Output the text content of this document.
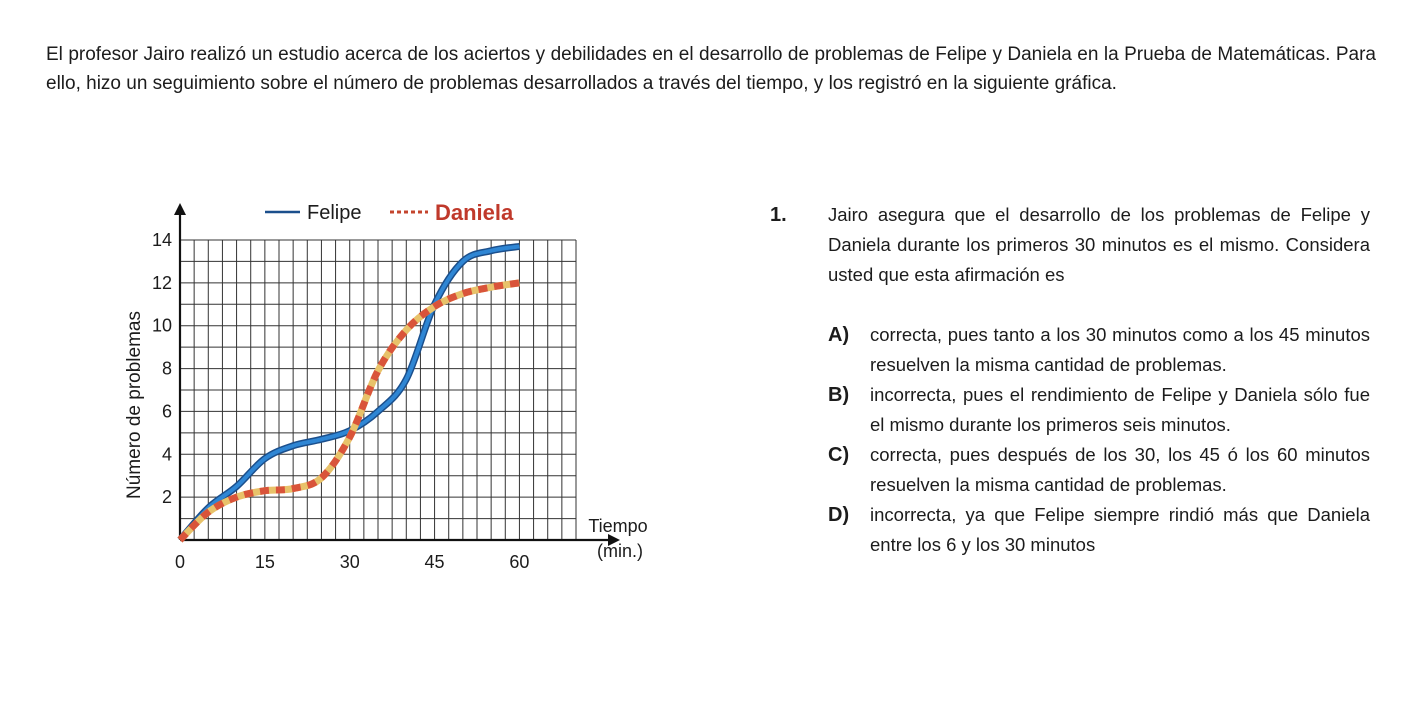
El profesor Jairo realizó un estudio acerca de los aciertos y debilidades en el desarrollo de problemas de Felipe y Daniela en la Prueba de Matemáticas. Para ello, hizo un seguimiento sobre el número de problemas desarrollados a través del tiempo, y los registró en la siguiente gráfica.

0	15	30	45	60
2
4
6
8
10
12
14
Número de problemas
Tiempo
(min.)
Felipe	Daniela	1. Jairo asegura que el desarrollo de los problemas de Felipe y Daniela durante los primeros 30 minutos es el mismo. Considera usted que esta afirmación es
A) correcta, pues tanto a los 30 minutos como a los 45 minutos resuelven la misma cantidad de problemas.
B) incorrecta, pues el rendimiento de Felipe y Daniela sólo fue el mismo durante los primeros seis minutos.
C) correcta, pues después de los 30, los 45 ó los 60 minutos resuelven la misma cantidad de problemas.
D) incorrecta, ya que Felipe siempre rindió más que Daniela entre los 6 y los 30 minutos
